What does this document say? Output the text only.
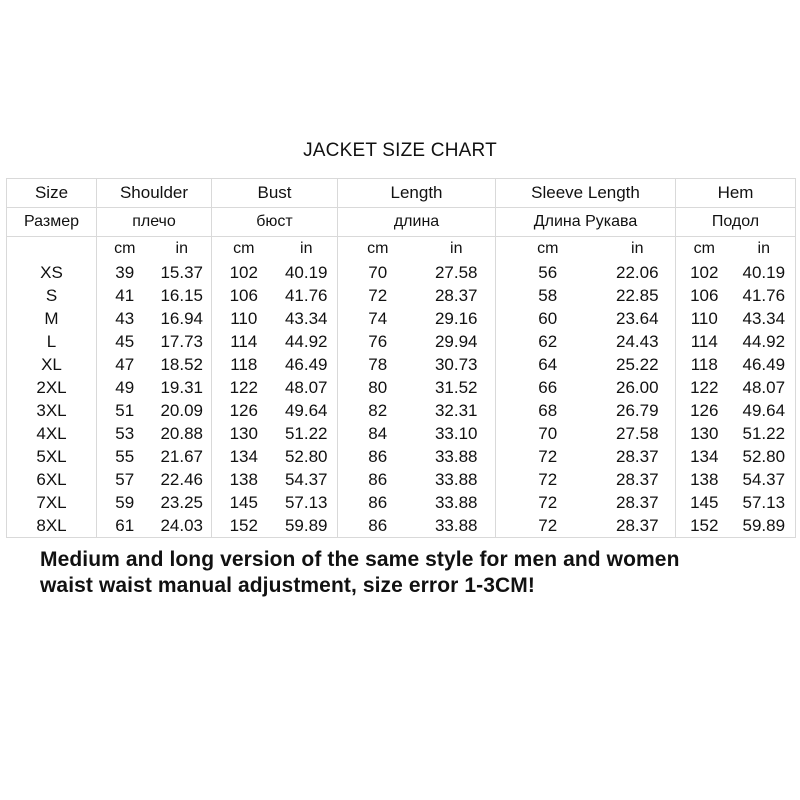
JACKET SIZE CHART
Size	Shoulder		Bust		Length		Sleeve Length		Hem	
Размер	плечо		бюст		длина		Длина Рукава		Подол	
	cm	in	cm	in	cm	in	cm	in	cm	in
XS	39	15.37	102	40.19	70	27.58	56	22.06	102	40.19
S	41	16.15	106	41.76	72	28.37	58	22.85	106	41.76
M	43	16.94	110	43.34	74	29.16	60	23.64	110	43.34
L	45	17.73	114	44.92	76	29.94	62	24.43	114	44.92
XL	47	18.52	118	46.49	78	30.73	64	25.22	118	46.49
2XL	49	19.31	122	48.07	80	31.52	66	26.00	122	48.07
3XL	51	20.09	126	49.64	82	32.31	68	26.79	126	49.64
4XL	53	20.88	130	51.22	84	33.10	70	27.58	130	51.22
5XL	55	21.67	134	52.80	86	33.88	72	28.37	134	52.80
6XL	57	22.46	138	54.37	86	33.88	72	28.37	138	54.37
7XL	59	23.25	145	57.13	86	33.88	72	28.37	145	57.13
8XL	61	24.03	152	59.89	86	33.88	72	28.37	152	59.89
Medium and long version of the same style for men and women
waist waist manual adjustment, size error 1-3CM!
